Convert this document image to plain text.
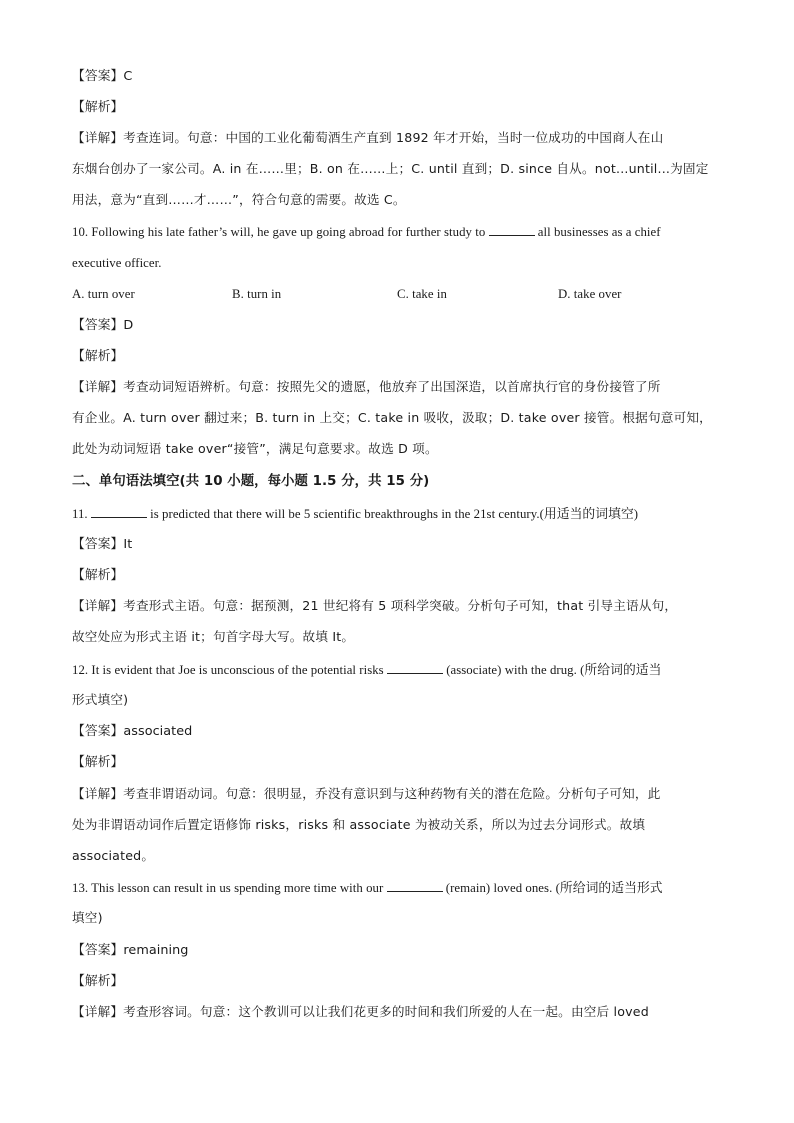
【答案】C
【解析】
【详解】考查连词。句意：中国的工业化葡萄酒生产直到 1892 年才开始，当时一位成功的中国商人在山
东烟台创办了一家公司。A. in 在……里；B. on 在……上；C. until 直到；D. since 自从。not...until...为固定
用法，意为“直到……才……”，符合句意的需要。故选 C。
10. Following his late father’s will, he gave up going abroad for further study to	all businesses as a chief
executive officer.
A. turn over	B. turn in	C. take in	D. take over
【答案】D
【解析】
【详解】考查动词短语辨析。句意：按照先父的遗愿，他放弃了出国深造，以首席执行官的身份接管了所
有企业。A. turn over 翻过来；B. turn in 上交；C. take in 吸收，汲取；D. take over 接管。根据句意可知，
此处为动词短语 take over“接管”，满足句意要求。故选 D 项。
二、单句语法填空(共 10 小题，每小题 1.5 分，共 15 分)
11.	is predicted that there will be 5 scientific breakthroughs in the 21st century.(用适当的词填空)
【答案】It
【解析】
【详解】考查形式主语。句意：据预测，21 世纪将有 5 项科学突破。分析句子可知，that 引导主语从句，
故空处应为形式主语 it；句首字母大写。故填 It。
12. It is evident that Joe is unconscious of the potential risks	(associate) with the drug. (所给词的适当
形式填空)
【答案】associated
【解析】
【详解】考查非谓语动词。句意：很明显，乔没有意识到与这种药物有关的潜在危险。分析句子可知，此
处为非谓语动词作后置定语修饰 risks，risks 和 associate 为被动关系，所以为过去分词形式。故填
associated。
13. This lesson can result in us spending more time with our	(remain) loved ones. (所给词的适当形式
填空)
【答案】remaining
【解析】
【详解】考查形容词。句意：这个教训可以让我们花更多的时间和我们所爱的人在一起。由空后 loved
